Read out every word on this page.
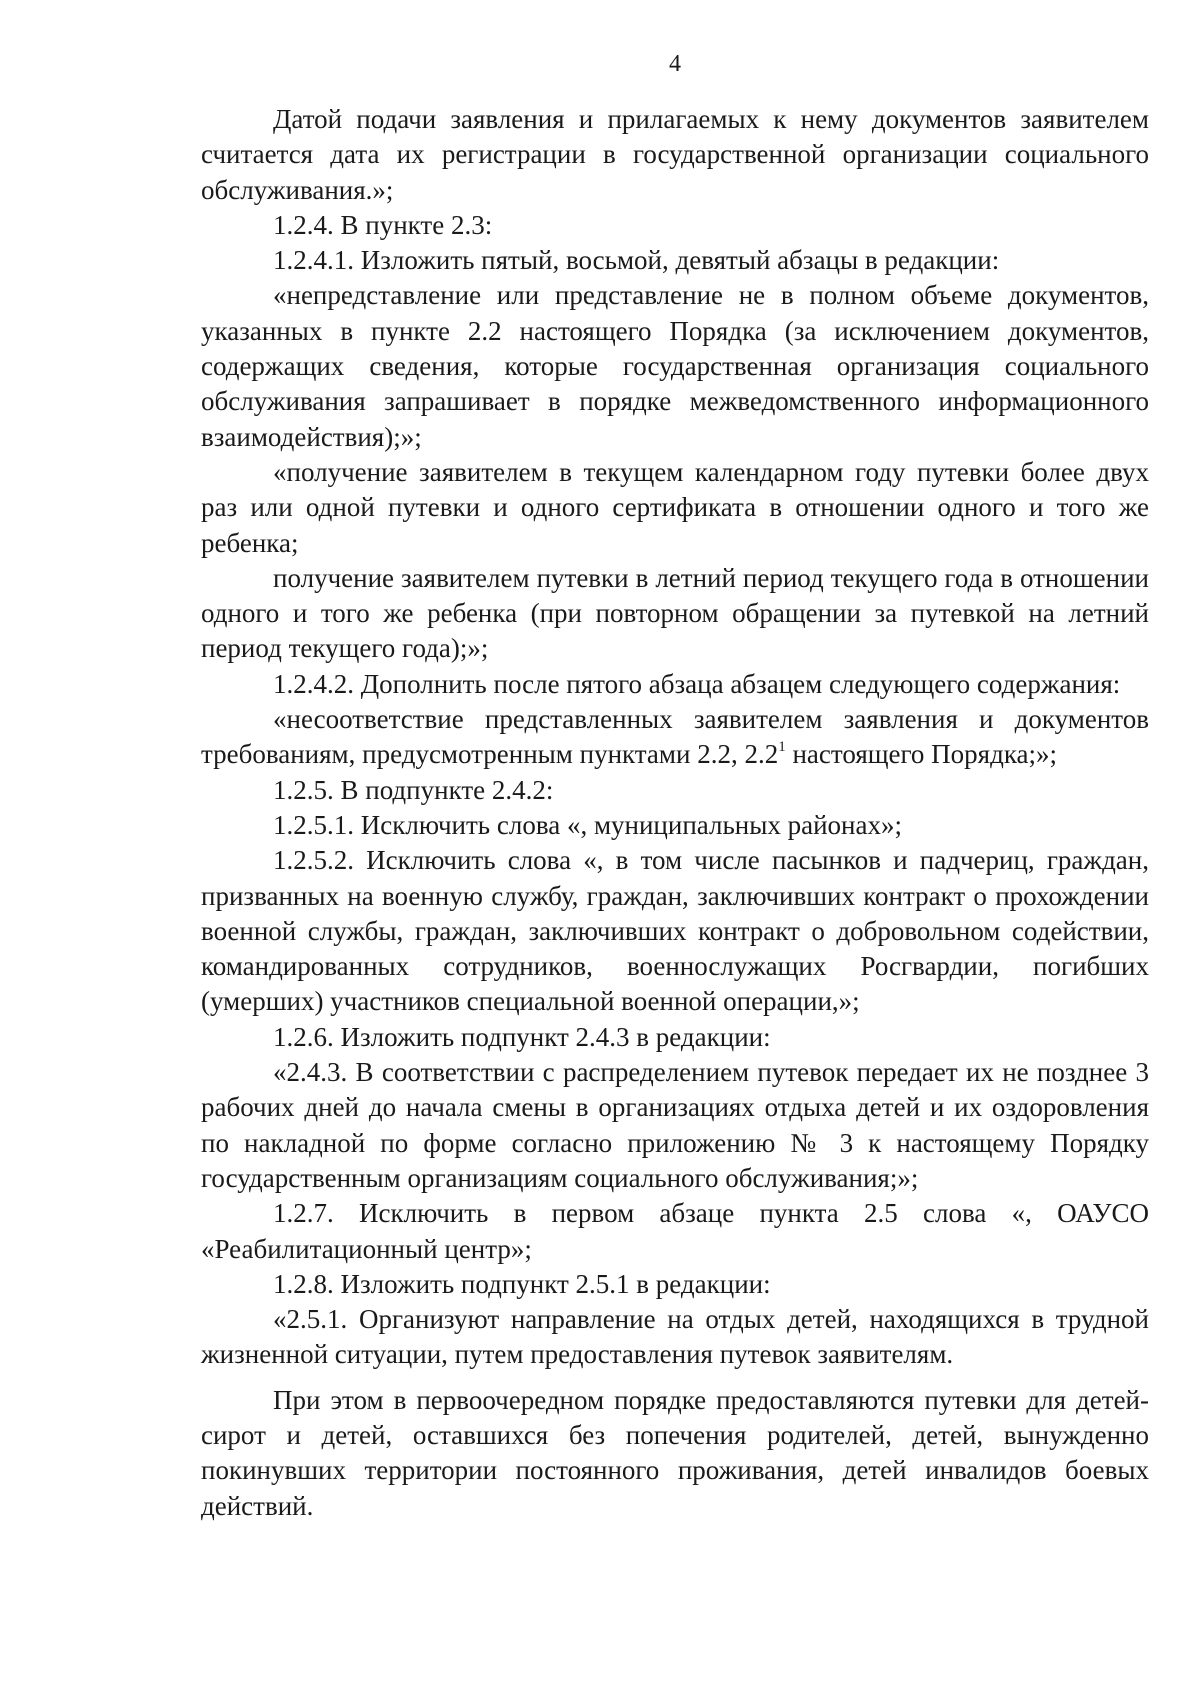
4

Датой подачи заявления и прилагаемых к нему документов заявителем считается дата их регистрации в государственной организации социального обслуживания.»;

1.2.4. В пункте 2.3:

1.2.4.1. Изложить пятый, восьмой, девятый абзацы в редакции:

«непредставление или представление не в полном объеме документов, указанных в пункте 2.2 настоящего Порядка (за исключением документов, содержащих сведения, которые государственная организация социального обслуживания запрашивает в порядке межведомственного информационного взаимодействия);»;

«получение заявителем в текущем календарном году путевки более двух раз или одной путевки и одного сертификата в отношении одного и того же ребенка;

получение заявителем путевки в летний период текущего года в отношении одного и того же ребенка (при повторном обращении за путевкой на летний период текущего года);»;

1.2.4.2. Дополнить после пятого абзаца абзацем следующего содержания:

«несоответствие представленных заявителем заявления и документов требованиям, предусмотренным пунктами 2.2, $2.2^1$ настоящего Порядка;»;

1.2.5. В подпункте 2.4.2:

1.2.5.1. Исключить слова «, муниципальных районах»;

1.2.5.2. Исключить слова «, в том числе пасынков и падчериц, граждан, призванных на военную службу, граждан, заключивших контракт о прохождении военной службы, граждан, заключивших контракт о добровольном содействии, командированных сотрудников, военнослужащих Росгвардии, погибших (умерших) участников специальной военной операции,»;

1.2.6. Изложить подпункт 2.4.3 в редакции:

«2.4.3. В соответствии с распределением путевок передает их не позднее 3 рабочих дней до начала смены в организациях отдыха детей и их оздоровления по накладной по форме согласно приложению № 3 к настоящему Порядку государственным организациям социального обслуживания;»;

1.2.7. Исключить в первом абзаце пункта 2.5 слова «, ОАУСО «Реабилитационный центр»;

1.2.8. Изложить подпункт 2.5.1 в редакции:

«2.5.1. Организуют направление на отдых детей, находящихся в трудной жизненной ситуации, путем предоставления путевок заявителям.

При этом в первоочередном порядке предоставляются путевки для детей-сирот и детей, оставшихся без попечения родителей, детей, вынужденно покинувших территории постоянного проживания, детей инвалидов боевых действий.
